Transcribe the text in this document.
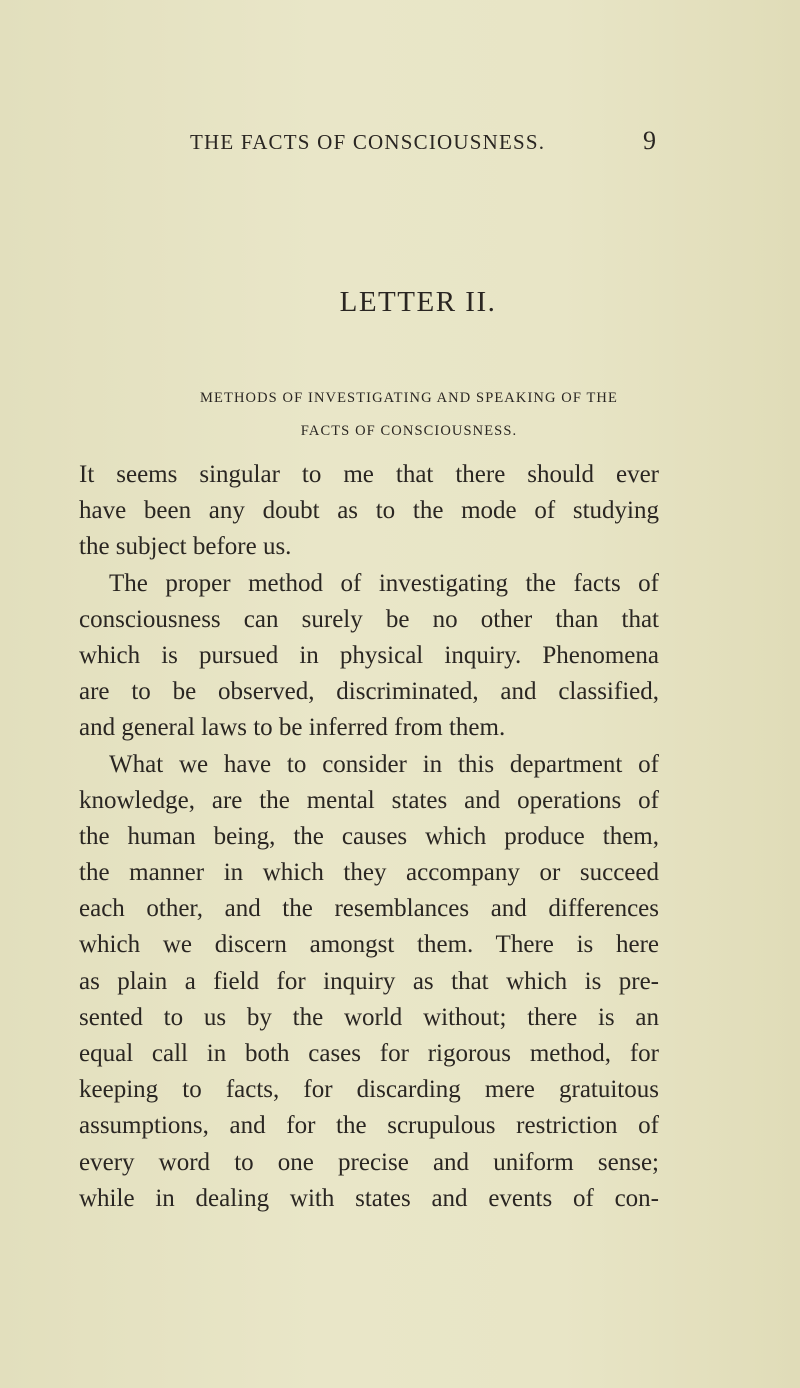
THE FACTS OF CONSCIOUSNESS.	9
LETTER II.

METHODS OF INVESTIGATING AND SPEAKING OF THE
FACTS OF CONSCIOUSNESS.

It seems singular to me that there should ever
have been any doubt as to the mode of studying
the subject before us.
The proper method of investigating the facts of
consciousness can surely be no other than that
which is pursued in physical inquiry. Phenomena
are to be observed, discriminated, and classified,
and general laws to be inferred from them.
What we have to consider in this department of
knowledge, are the mental states and operations of
the human being, the causes which produce them,
the manner in which they accompany or succeed
each other, and the resemblances and differences
which we discern amongst them. There is here
as plain a field for inquiry as that which is pre-
sented to us by the world without; there is an
equal call in both cases for rigorous method, for
keeping to facts, for discarding mere gratuitous
assumptions, and for the scrupulous restriction of
every word to one precise and uniform sense;
while in dealing with states and events of con-
